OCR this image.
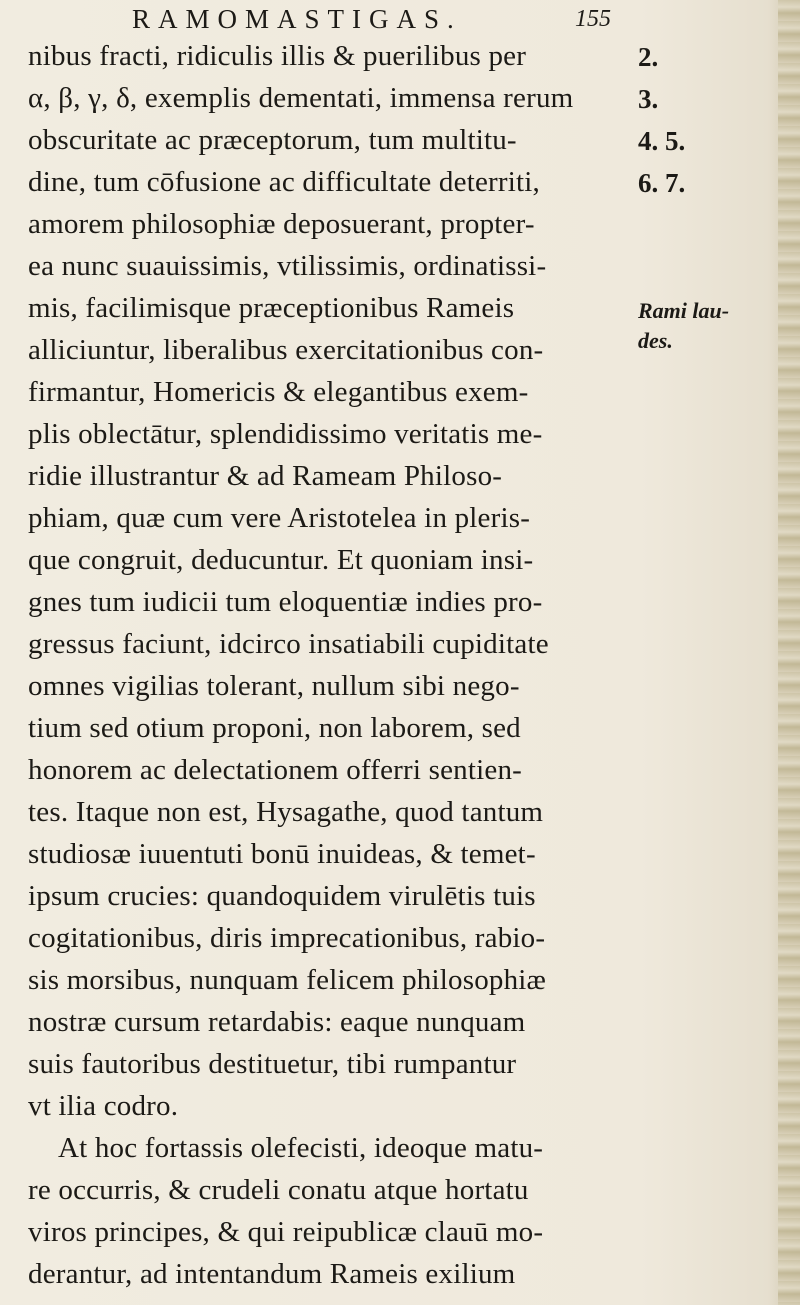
RAMOMASTIGAS.	155
nibus fracti, ridiculis illis & puerilibus per
α, β, γ, δ, exemplis dementati, immensa rerum
obscuritate ac præceptorum, tum multitu-
dine, tum cōfusione ac difficultate deterriti,
amorem philosophiæ deposuerant, propter-
ea nunc suauissimis, vtilissimis, ordinatissi-
mis, facilimisque præceptionibus Rameis
alliciuntur, liberalibus exercitationibus con-
firmantur, Homericis & elegantibus exem-
plis oblectātur, splendidissimo veritatis me-
ridie illustrantur & ad Rameam Philoso-
phiam, quæ cum vere Aristotelea in pleris-
que congruit, deducuntur. Et quoniam insi-
gnes tum iudicii tum eloquentiæ indies pro-
gressus faciunt, idcirco insatiabili cupiditate
omnes vigilias tolerant, nullum sibi nego-
tium sed otium proponi, non laborem, sed
honorem ac delectationem offerri sentien-
tes. Itaque non est, Hysagathe, quod tantum
studiosæ iuuentuti bonū inuideas, & temet-
ipsum crucies: quandoquidem virulētis tuis
cogitationibus, diris imprecationibus, rabio-
sis morsibus, nunquam felicem philosophiæ
nostræ cursum retardabis: eaque nunquam
suis fautoribus destituetur, tibi rumpantur
vt ilia codro.
At hoc fortassis olefecisti, ideoque matu-
re occurris, & crudeli conatu atque hortatu
viros principes, & qui reipublicæ clauū mo-
derantur, ad intentandum Rameis exilium
2.
3.
4. 5.
6. 7.
Rami lau-
des.
